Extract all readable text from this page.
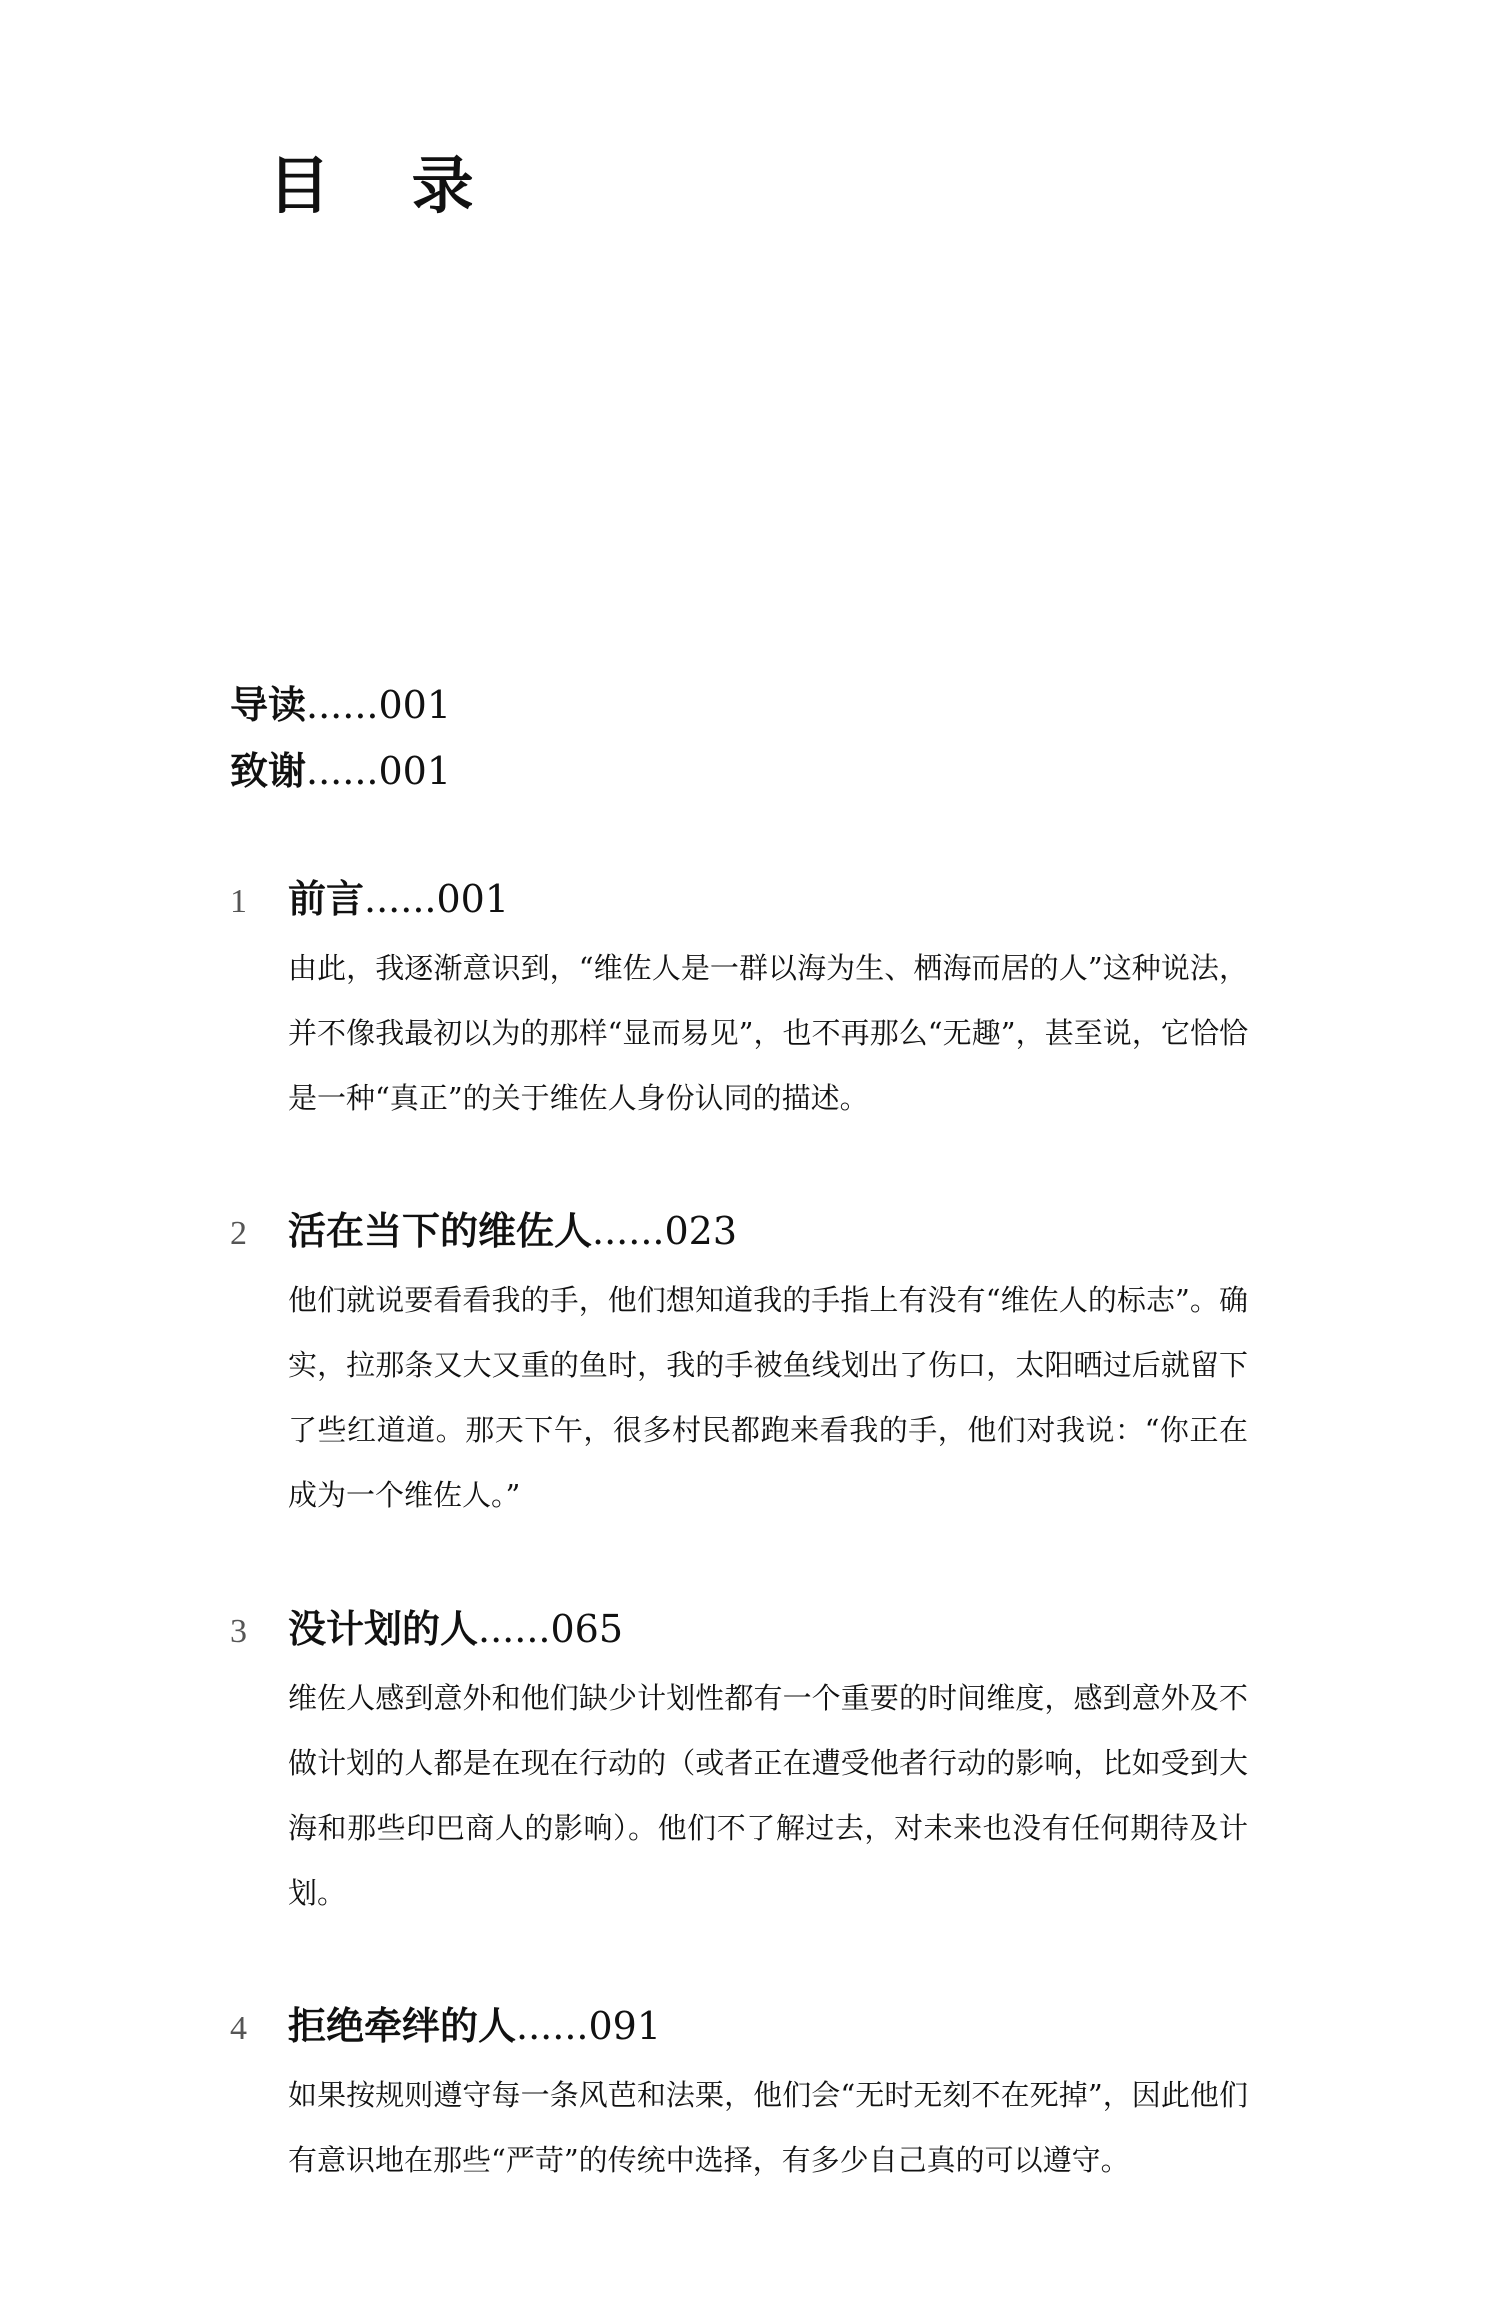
目 录
导读......001
致谢......001
1	前言......001

由此，我逐渐意识到，“维佐人是一群以海为生、栖海而居的人”这种说法，并不像我最初以为的那样“显而易见”，也不再那么“无趣”，甚至说，它恰恰是一种“真正”的关于维佐人身份认同的描述。

2	活在当下的维佐人......023

他们就说要看看我的手，他们想知道我的手指上有没有“维佐人的标志”。确实，拉那条又大又重的鱼时，我的手被鱼线划出了伤口，太阳晒过后就留下了些红道道。那天下午，很多村民都跑来看我的手，他们对我说：“你正在成为一个维佐人。”

3	没计划的人......065

维佐人感到意外和他们缺少计划性都有一个重要的时间维度，感到意外及不做计划的人都是在现在行动的（或者正在遭受他者行动的影响，比如受到大海和那些印巴商人的影响）。他们不了解过去，对未来也没有任何期待及计划。

4	拒绝牵绊的人......091

如果按规则遵守每一条风芭和法栗，他们会“无时无刻不在死掉”，因此他们有意识地在那些“严苛”的传统中选择，有多少自己真的可以遵守。
